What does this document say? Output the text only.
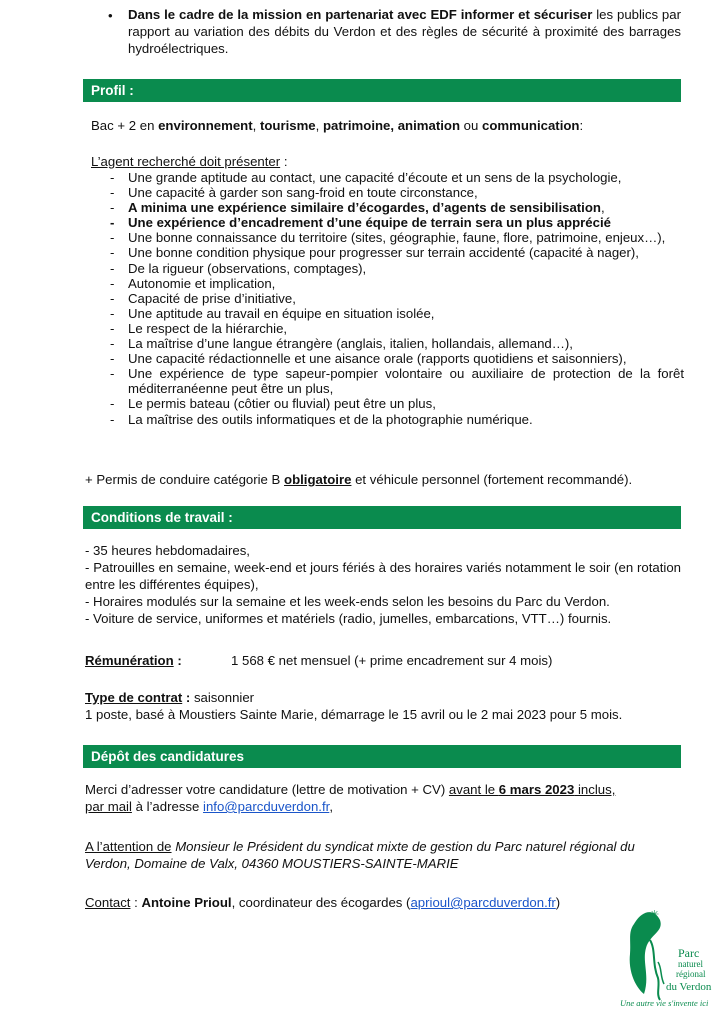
• Dans le cadre de la mission en partenariat avec EDF informer et sécuriser les publics par rapport au variation des débits du Verdon et des règles de sécurité à proximité des barrages hydroélectriques.

Profil :

Bac + 2 en environnement, tourisme, patrimoine, animation ou communication:

L’agent recherché doit présenter :

- Une grande aptitude au contact, une capacité d’écoute et un sens de la psychologie,
- Une capacité à garder son sang-froid en toute circonstance,
- A minima une expérience similaire d’écogardes, d’agents de sensibilisation,
- Une expérience d’encadrement d’une équipe de terrain sera un plus apprécié
- Une bonne connaissance du territoire (sites, géographie, faune, flore, patrimoine, enjeux…),
- Une bonne condition physique pour progresser sur terrain accidenté (capacité à nager),
- De la rigueur (observations, comptages),
- Autonomie et implication,
- Capacité de prise d’initiative,
- Une aptitude au travail en équipe en situation isolée,
- Le respect de la hiérarchie,
- La maîtrise d’une langue étrangère (anglais, italien, hollandais, allemand…),
- Une capacité rédactionnelle et une aisance orale (rapports quotidiens et saisonniers),
- Une expérience de type sapeur-pompier volontaire ou auxiliaire de protection de la forêt méditerranéenne peut être un plus,
- Le permis bateau (côtier ou fluvial) peut être un plus,
- La maîtrise des outils informatiques et de la photographie numérique.

+ Permis de conduire catégorie B obligatoire et véhicule personnel (fortement recommandé).

Conditions de travail :
- 35 heures hebdomadaires,
- Patrouilles en semaine, week-end et jours fériés à des horaires variés notamment le soir (en rotation entre les différentes équipes),
- Horaires modulés sur la semaine et les week-ends selon les besoins du Parc du Verdon.
- Voiture de service, uniformes et matériels (radio, jumelles, embarcations, VTT…) fournis.

Rémunération :	1 568 € net mensuel (+ prime encadrement sur 4 mois)

Type de contrat : saisonnier

1 poste, basé à Moustiers Sainte Marie, démarrage le 15 avril ou le 2 mai 2023 pour 5 mois.

Dépôt des candidatures

Merci d’adresser votre candidature (lettre de motivation + CV) avant le 6 mars 2023 inclus,

par mail à l’adresse info@parcduverdon.fr,

A l’attention de Monsieur le Président du syndicat mixte de gestion du Parc naturel régional du Verdon, Domaine de Valx, 04360 MOUSTIERS-SAINTE-MARIE

Contact : Antoine Prioul, coordinateur des écogardes (aprioul@parcduverdon.fr)

✳
Parc
naturel
régional
du Verdon
Une autre vie s'invente ici
